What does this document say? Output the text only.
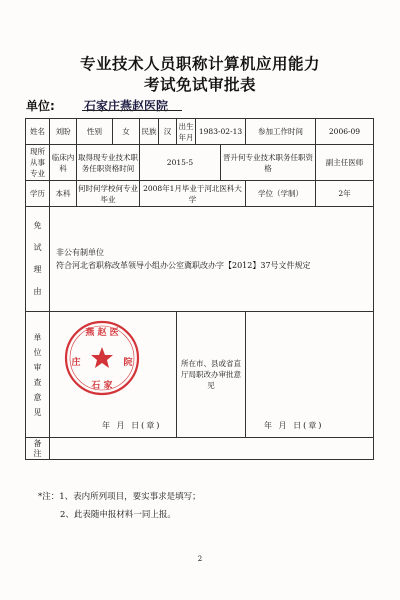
专业技术人员职称计算机应用能力
考试免试审批表
单位: 石家庄燕赵医院
姓名	刘盼	性别	女	民族	汉	出生年月	1983-02-13		参加工作时间	2006-09
现所从事专业	临床内科	取得现专业技术职务任职资格时间		2015-5				晋升何专业技术职务任职资格		副主任医师
学历	本科	何时何学校何专业毕业		2008年1月毕业于河北医科大学					学位（学制）	2年

免试理由	非公有制单位
符合河北省职称改革领导小组办公室冀职改办字【2012】37号文件规定									

单位审查意见	燕 赵 医
庄 院
石 家
年 月 日(章)					所在市、县或省直厅局职改办审批意见			年 月 日(章)	

备注										

*注：1、表内所列项目，要实事求是填写；
2、此表随申报材料一同上报。
2
